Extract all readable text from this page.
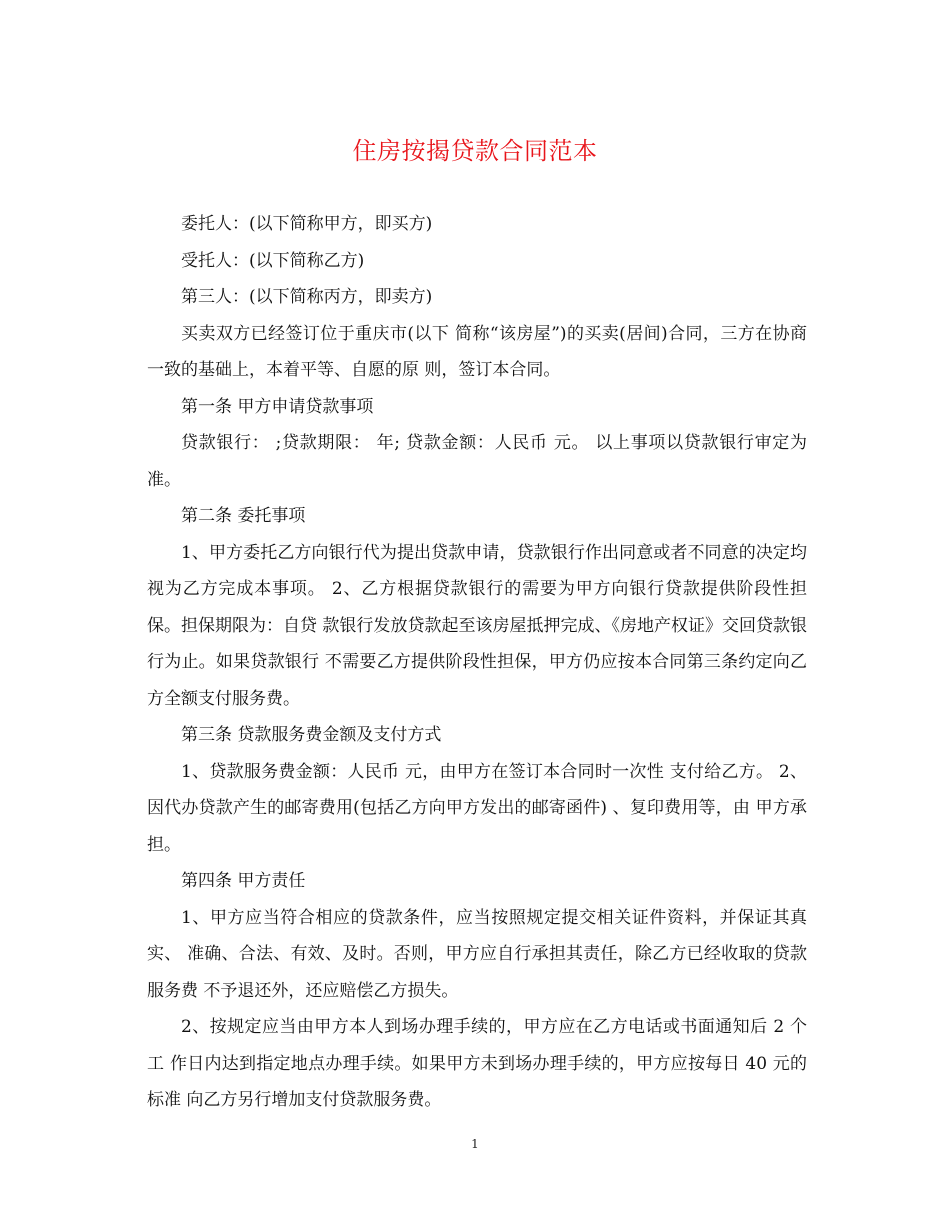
住房按揭贷款合同范本

委托人：(以下简称甲方，即买方)

受托人：(以下简称乙方)

第三人：(以下简称丙方，即卖方)

买卖双方已经签订位于重庆市(以下 简称“该房屋”)的买卖(居间)合同，三方在协商一致的基础上，本着平等、自愿的原 则，签订本合同。

第一条 甲方申请贷款事项

贷款银行： ;贷款期限： 年; 贷款金额：人民币 元。 以上事项以贷款银行审定为准。

第二条 委托事项

1、甲方委托乙方向银行代为提出贷款申请，贷款银行作出同意或者不同意的决定均 视为乙方完成本事项。 2、乙方根据贷款银行的需要为甲方向银行贷款提供阶段性担保。担保期限为：自贷 款银行发放贷款起至该房屋抵押完成、《房地产权证》交回贷款银行为止。如果贷款银行 不需要乙方提供阶段性担保，甲方仍应按本合同第三条约定向乙方全额支付服务费。

第三条 贷款服务费金额及支付方式

1、贷款服务费金额：人民币 元，由甲方在签订本合同时一次性 支付给乙方。 2、因代办贷款产生的邮寄费用(包括乙方向甲方发出的邮寄函件) 、复印费用等，由 甲方承担。

第四条 甲方责任

1、甲方应当符合相应的贷款条件，应当按照规定提交相关证件资料，并保证其真实、 准确、合法、有效、及时。否则，甲方应自行承担其责任，除乙方已经收取的贷款服务费 不予退还外，还应赔偿乙方损失。

2、按规定应当由甲方本人到场办理手续的，甲方应在乙方电话或书面通知后 2 个工 作日内达到指定地点办理手续。如果甲方未到场办理手续的，甲方应按每日 40 元的标准 向乙方另行增加支付贷款服务费。

1
